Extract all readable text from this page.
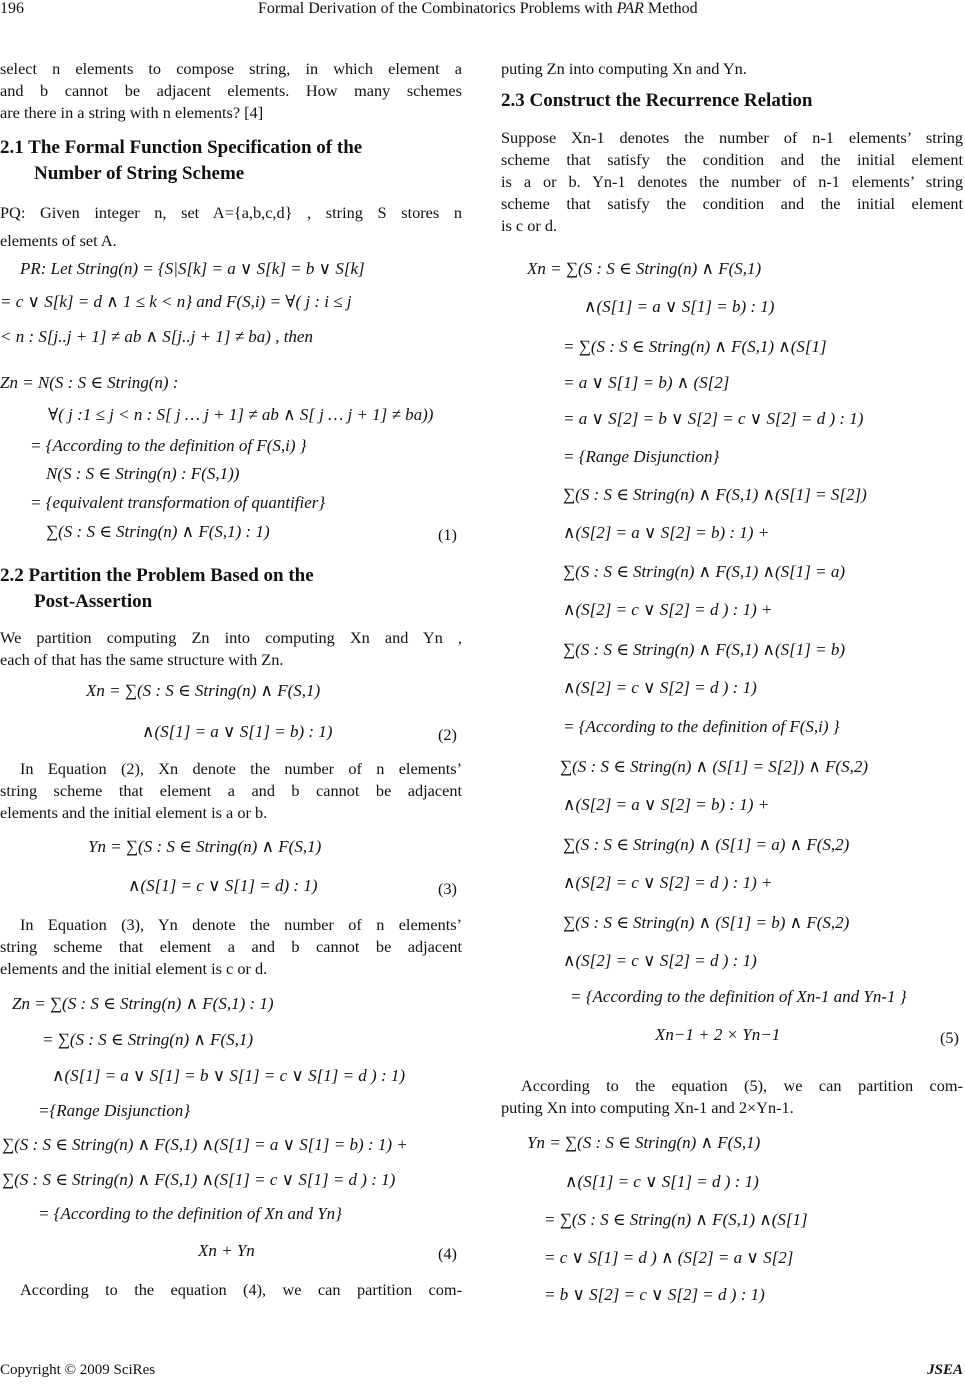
196	Formal Derivation of the Combinatorics Problems with PAR Method
select n elements to compose string, in which element a
and b cannot be adjacent elements. How many schemes
are there in a string with n elements? [4]
2.1 The Formal Function Specification of the
Number of String Scheme
PQ: Given integer n, set A={a,b,c,d} , string S stores n
elements of set A.
PR: Let String(n) = {S|S[k] = a ∨ S[k] = b ∨ S[k]
= c ∨ S[k] = d ∧ 1 ≤ k < n} and F(S,i) = ∀( j : i ≤ j
< n : S[j..j + 1] ≠ ab ∧ S[j..j + 1] ≠ ba) , then
Zn = N(S : S ∈ String(n) :
∀( j :1 ≤ j < n : S[ j … j + 1] ≠ ab ∧ S[ j … j + 1] ≠ ba))
= {According to the definition of F(S,i) }
N(S : S ∈ String(n) : F(S,1))
= {equivalent transformation of quantifier}
∑(S : S ∈ String(n) ∧ F(S,1) : 1)	(1)
2.2 Partition the Problem Based on the
Post-Assertion
We partition computing Zn into computing Xn and Yn ,
each of that has the same structure with Zn.
Xn = ∑(S : S ∈ String(n) ∧ F(S,1)
∧(S[1] = a ∨ S[1] = b) : 1)	(2)
In Equation (2), Xn denote the number of n elements’
string scheme that element a and b cannot be adjacent
elements and the initial element is a or b.
Yn = ∑(S : S ∈ String(n) ∧ F(S,1)
∧(S[1] = c ∨ S[1] = d) : 1)	(3)
In Equation (3), Yn denote the number of n elements’
string scheme that element a and b cannot be adjacent
elements and the initial element is c or d.
Zn = ∑(S : S ∈ String(n) ∧ F(S,1) : 1)
= ∑(S : S ∈ String(n) ∧ F(S,1)
∧(S[1] = a ∨ S[1] = b ∨ S[1] = c ∨ S[1] = d ) : 1)
={Range Disjunction}
∑(S : S ∈ String(n) ∧ F(S,1) ∧(S[1] = a ∨ S[1] = b) : 1) +
∑(S : S ∈ String(n) ∧ F(S,1) ∧(S[1] = c ∨ S[1] = d ) : 1)
= {According to the definition of Xn and Yn}
Xn + Yn	(4)
According to the equation (4), we can partition com-
puting Zn into computing Xn and Yn.
2.3 Construct the Recurrence Relation
Suppose Xn-1 denotes the number of n-1 elements’ string
scheme that satisfy the condition and the initial element
is a or b. Yn-1 denotes the number of n-1 elements’ string
scheme that satisfy the condition and the initial element
is c or d.
Xn = ∑(S : S ∈ String(n) ∧ F(S,1)
∧(S[1] = a ∨ S[1] = b) : 1)
= ∑(S : S ∈ String(n) ∧ F(S,1) ∧(S[1]
= a ∨ S[1] = b) ∧ (S[2]
= a ∨ S[2] = b ∨ S[2] = c ∨ S[2] = d ) : 1)
= {Range Disjunction}
∑(S : S ∈ String(n) ∧ F(S,1) ∧(S[1] = S[2])
∧(S[2] = a ∨ S[2] = b) : 1) +
∑(S : S ∈ String(n) ∧ F(S,1) ∧(S[1] = a)
∧(S[2] = c ∨ S[2] = d ) : 1) +
∑(S : S ∈ String(n) ∧ F(S,1) ∧(S[1] = b)
∧(S[2] = c ∨ S[2] = d ) : 1)
= {According to the definition of F(S,i) }
∑(S : S ∈ String(n) ∧ (S[1] = S[2]) ∧ F(S,2)
∧(S[2] = a ∨ S[2] = b) : 1) +
∑(S : S ∈ String(n) ∧ (S[1] = a) ∧ F(S,2)
∧(S[2] = c ∨ S[2] = d ) : 1) +
∑(S : S ∈ String(n) ∧ (S[1] = b) ∧ F(S,2)
∧(S[2] = c ∨ S[2] = d ) : 1)
= {According to the definition of Xn-1 and Yn-1 }
Xn−1 + 2 × Yn−1	(5)
According to the equation (5), we can partition com-
puting Xn into computing Xn-1 and 2×Yn-1.
Yn = ∑(S : S ∈ String(n) ∧ F(S,1)
∧(S[1] = c ∨ S[1] = d ) : 1)
= ∑(S : S ∈ String(n) ∧ F(S,1) ∧(S[1]
= c ∨ S[1] = d ) ∧ (S[2] = a ∨ S[2]
= b ∨ S[2] = c ∨ S[2] = d ) : 1)
Copyright © 2009 SciRes	JSEA
